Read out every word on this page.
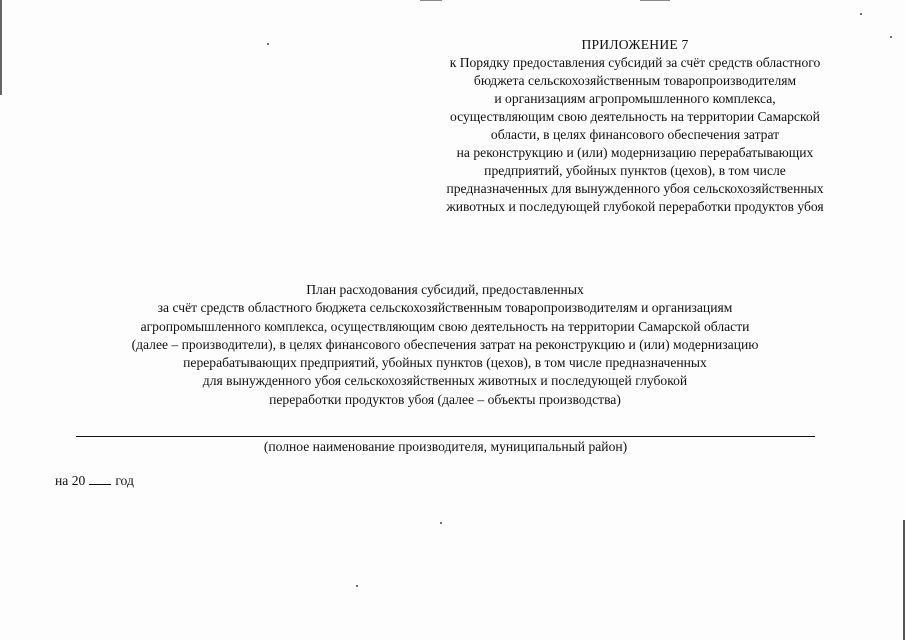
ПРИЛОЖЕНИЕ 7
к Порядку предоставления субсидий за счёт средств областного
бюджета сельскохозяйственным товаропроизводителям
и организациям агропромышленного комплекса,
осуществляющим свою деятельность на территории Самарской
области, в целях финансового обеспечения затрат
на реконструкцию и (или) модернизацию перерабатывающих
предприятий, убойных пунктов (цехов), в том числе
предназначенных для вынужденного убоя сельскохозяйственных
животных и последующей глубокой переработки продуктов убоя
План расходования субсидий, предоставленных
за счёт средств областного бюджета сельскохозяйственным товаропроизводителям и организациям
агропромышленного комплекса, осуществляющим свою деятельность на территории Самарской области
(далее – производители), в целях финансового обеспечения затрат на реконструкцию и (или) модернизацию
перерабатывающих предприятий, убойных пунктов (цехов), в том числе предназначенных
для вынужденного убоя сельскохозяйственных животных и последующей глубокой
переработки продуктов убоя (далее – объекты производства)
(полное наименование производителя, муниципальный район)
на 20 год
